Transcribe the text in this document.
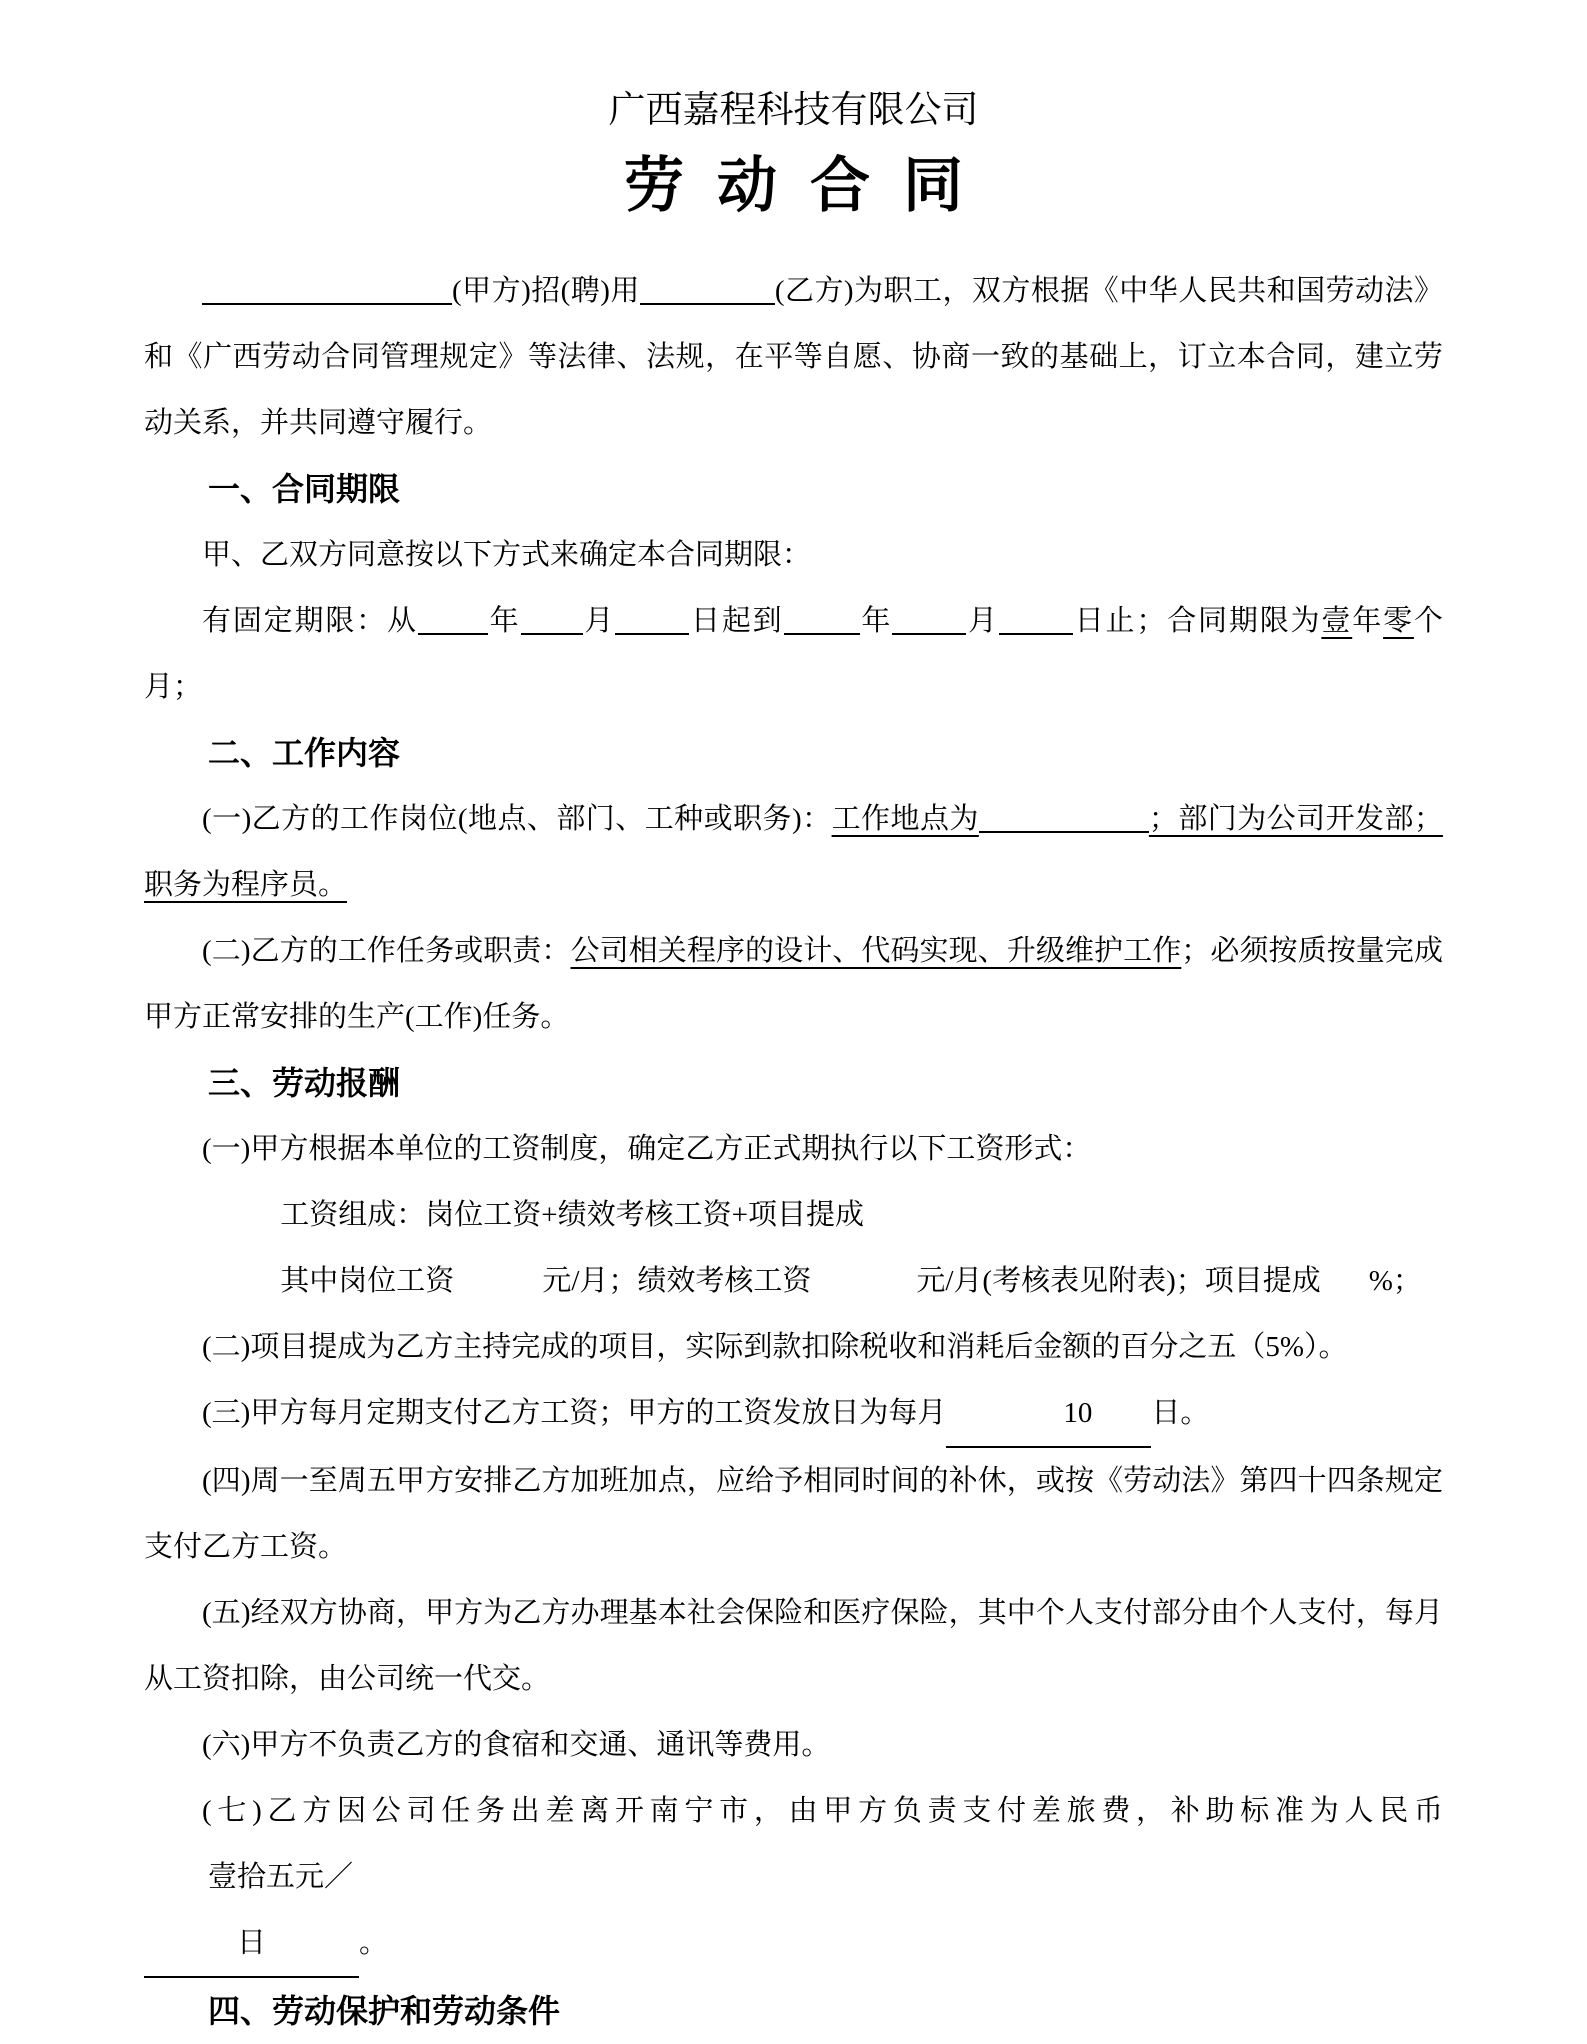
广西嘉程科技有限公司

劳动合同

(甲方)招(聘)用	(乙方)为职工，双方根据《中华人民共和国劳动法》和《广西劳动合同管理规定》等法律、法规，在平等自愿、协商一致的基础上，订立本合同，建立劳动关系，并共同遵守履行。

一、合同期限

甲、乙双方同意按以下方式来确定本合同期限：

有固定期限：从 年 月	日起到	年	月	日止；合同期限为壹年零个月；

二、工作内容

(一)乙方的工作岗位(地点、部门、工种或职务)：工作地点为	；部门为公司开发部；职务为程序员。

(二)乙方的工作任务或职责：公司相关程序的设计、代码实现、升级维护工作；必须按质按量完成甲方正常安排的生产(工作)任务。

三、劳动报酬

(一)甲方根据本单位的工资制度，确定乙方正式期执行以下工资形式：

工资组成：岗位工资+绩效考核工资+项目提成

其中岗位工资	元/月；绩效考核工资	元/月(考核表见附表)；项目提成 %；

(二)项目提成为乙方主持完成的项目，实际到款扣除税收和消耗后金额的百分之五（5%）。

(三)甲方每月定期支付乙方工资；甲方的工资发放日为每月	10 日。

(四)周一至周五甲方安排乙方加班加点，应给予相同时间的补休，或按《劳动法》第四十四条规定支付乙方工资。

(五)经双方协商，甲方为乙方办理基本社会保险和医疗保险，其中个人支付部分由个人支付，每月从工资扣除，由公司统一代交。

(六)甲方不负责乙方的食宿和交通、通讯等费用。

(七)乙方因公司任务出差离开南宁市，由甲方负责支付差旅费，补助标准为人民币壹拾五元／日	。

四、劳动保护和劳动条件
